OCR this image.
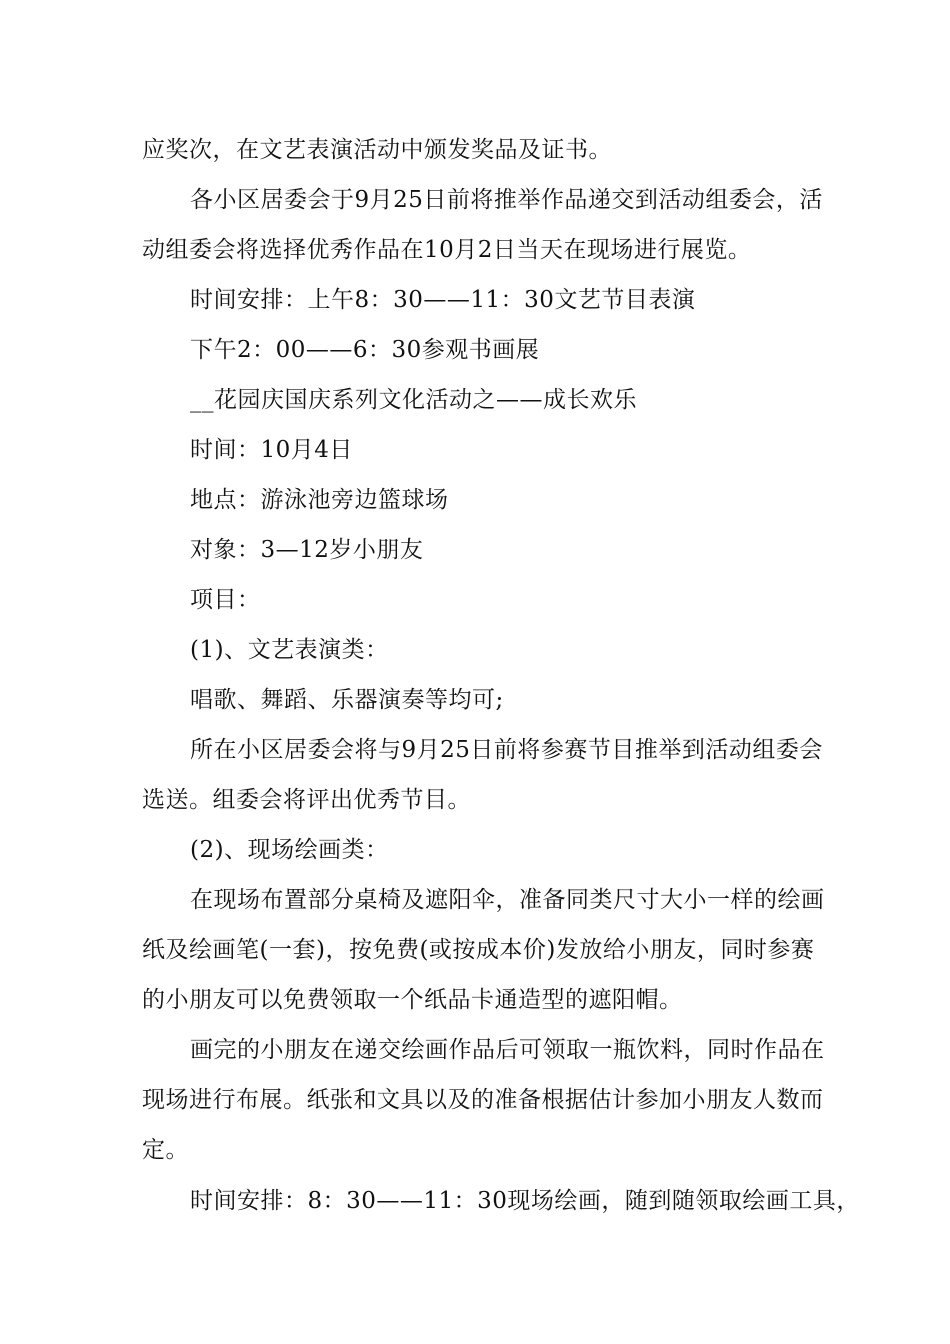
应奖次，在文艺表演活动中颁发奖品及证书。
各小区居委会于9月25日前将推举作品递交到活动组委会，活
动组委会将选择优秀作品在10月2日当天在现场进行展览。
时间安排：上午8：30——11：30文艺节目表演
下午2：00——6：30参观书画展
__花园庆国庆系列文化活动之——成长欢乐
时间：10月4日
地点：游泳池旁边篮球场
对象：3—12岁小朋友
项目：
(1)、文艺表演类：
唱歌、舞蹈、乐器演奏等均可;
所在小区居委会将与9月25日前将参赛节目推举到活动组委会
选送。组委会将评出优秀节目。
(2)、现场绘画类：
在现场布置部分桌椅及遮阳伞，准备同类尺寸大小一样的绘画
纸及绘画笔(一套)，按免费(或按成本价)发放给小朋友，同时参赛
的小朋友可以免费领取一个纸品卡通造型的遮阳帽。
画完的小朋友在递交绘画作品后可领取一瓶饮料，同时作品在
现场进行布展。纸张和文具以及的准备根据估计参加小朋友人数而
定。
时间安排：8：30——11：30现场绘画，随到随领取绘画工具，
